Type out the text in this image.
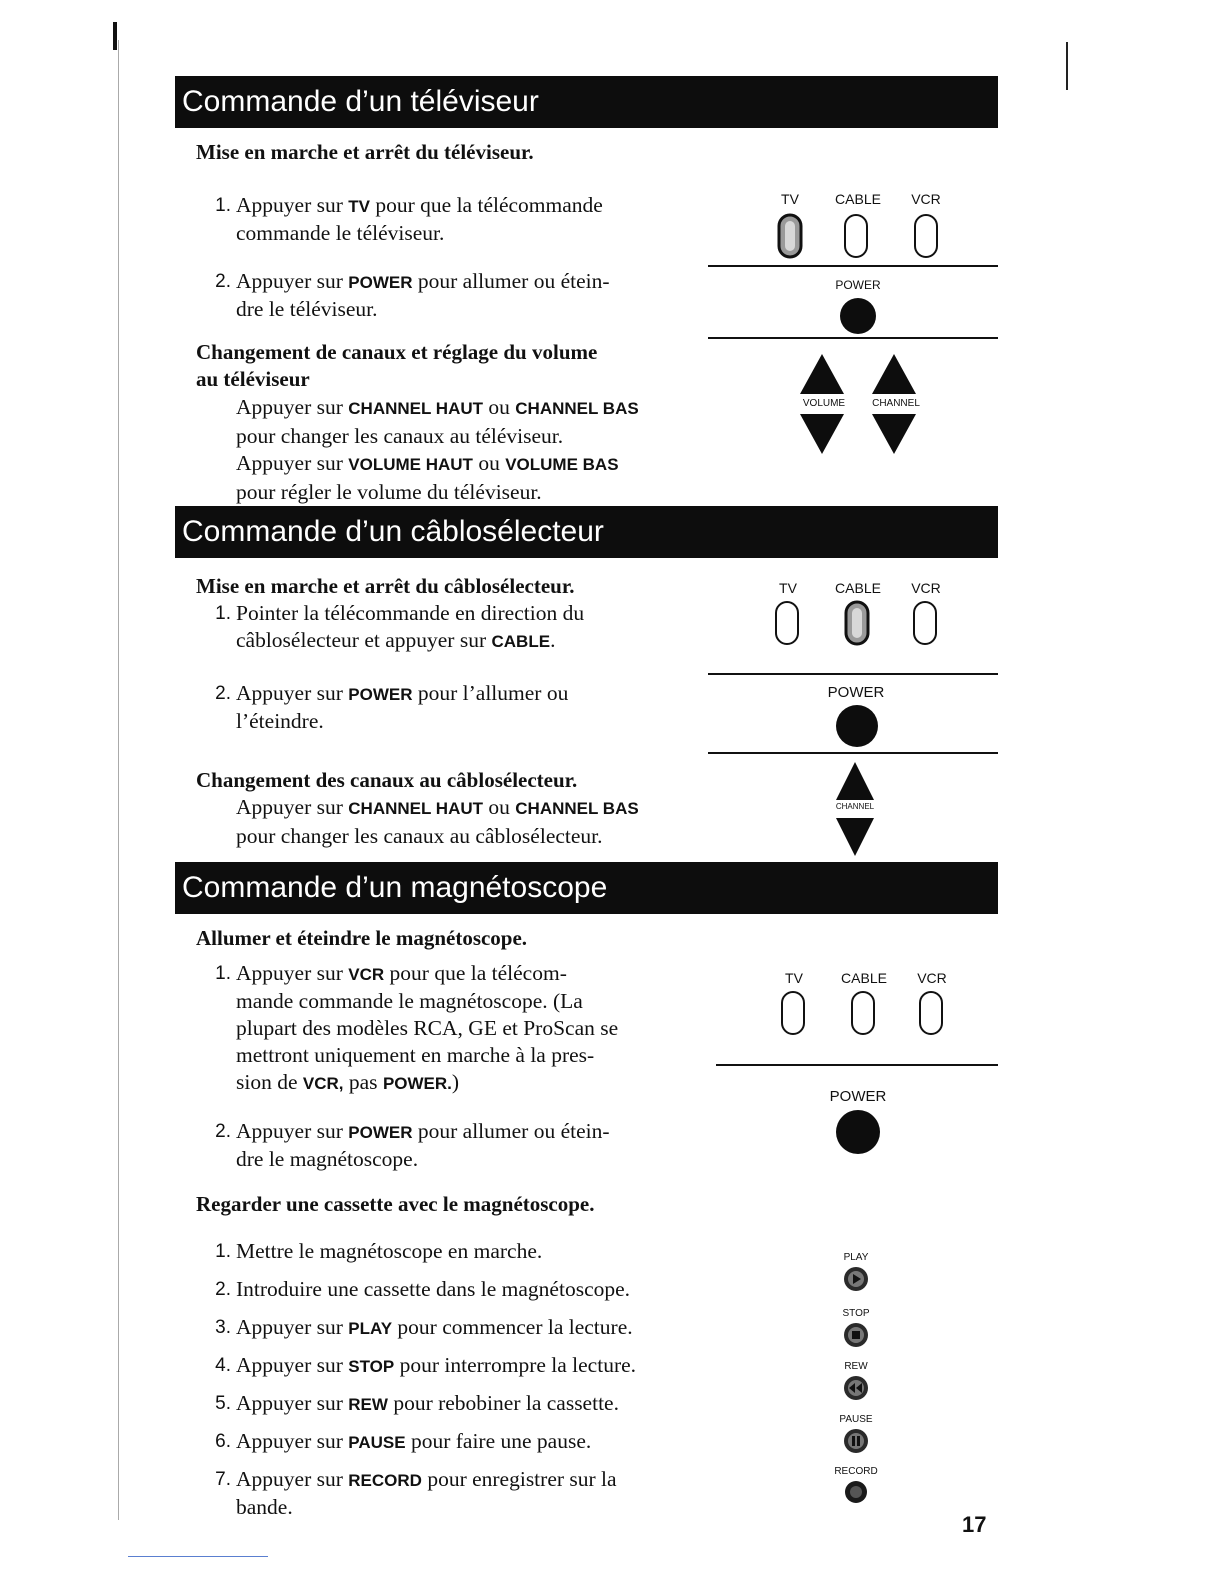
Commande d’un téléviseur
Mise en marche et arrêt du téléviseur.
1. Appuyer sur TV pour que la télécommande
commande le téléviseur.
2. Appuyer sur POWER pour allumer ou étein-
dre le téléviseur.
Changement de canaux et réglage du volume
au téléviseur
Appuyer sur CHANNEL HAUT ou CHANNEL BAS
pour changer les canaux au téléviseur.
Appuyer sur VOLUME HAUT ou VOLUME BAS
pour régler le volume du téléviseur.
TV	CABLE	VCR
POWER
VOLUME	CHANNEL
Commande d’un câblosélecteur
Mise en marche et arrêt du câblosélecteur.
1. Pointer la télécommande en direction du
câblosélecteur et appuyer sur CABLE.
2. Appuyer sur POWER pour l’allumer ou
l’éteindre.
Changement des canaux au câblosélecteur.
Appuyer sur CHANNEL HAUT ou CHANNEL BAS
pour changer les canaux au câblosélecteur.
TV	CABLE	VCR
POWER
CHANNEL
Commande d’un magnétoscope
Allumer et éteindre le magnétoscope.
1. Appuyer sur VCR pour que la télécom-
mande commande le magnétoscope. (La
plupart des modèles RCA, GE et ProScan se
mettront uniquement en marche à la pres-
sion de VCR, pas POWER.)
2. Appuyer sur POWER pour allumer ou étein-
dre le magnétoscope.
Regarder une cassette avec le magnétoscope.
1. Mettre le magnétoscope en marche.
2. Introduire une cassette dans le magnétoscope.
3. Appuyer sur PLAY pour commencer la lecture.
4. Appuyer sur STOP pour interrompre la lecture.
5. Appuyer sur REW pour rebobiner la cassette.
6. Appuyer sur PAUSE pour faire une pause.
7. Appuyer sur RECORD pour enregistrer sur la
bande.
TV	CABLE	VCR
POWER
PLAY
STOP
REW
PAUSE
RECORD
17
